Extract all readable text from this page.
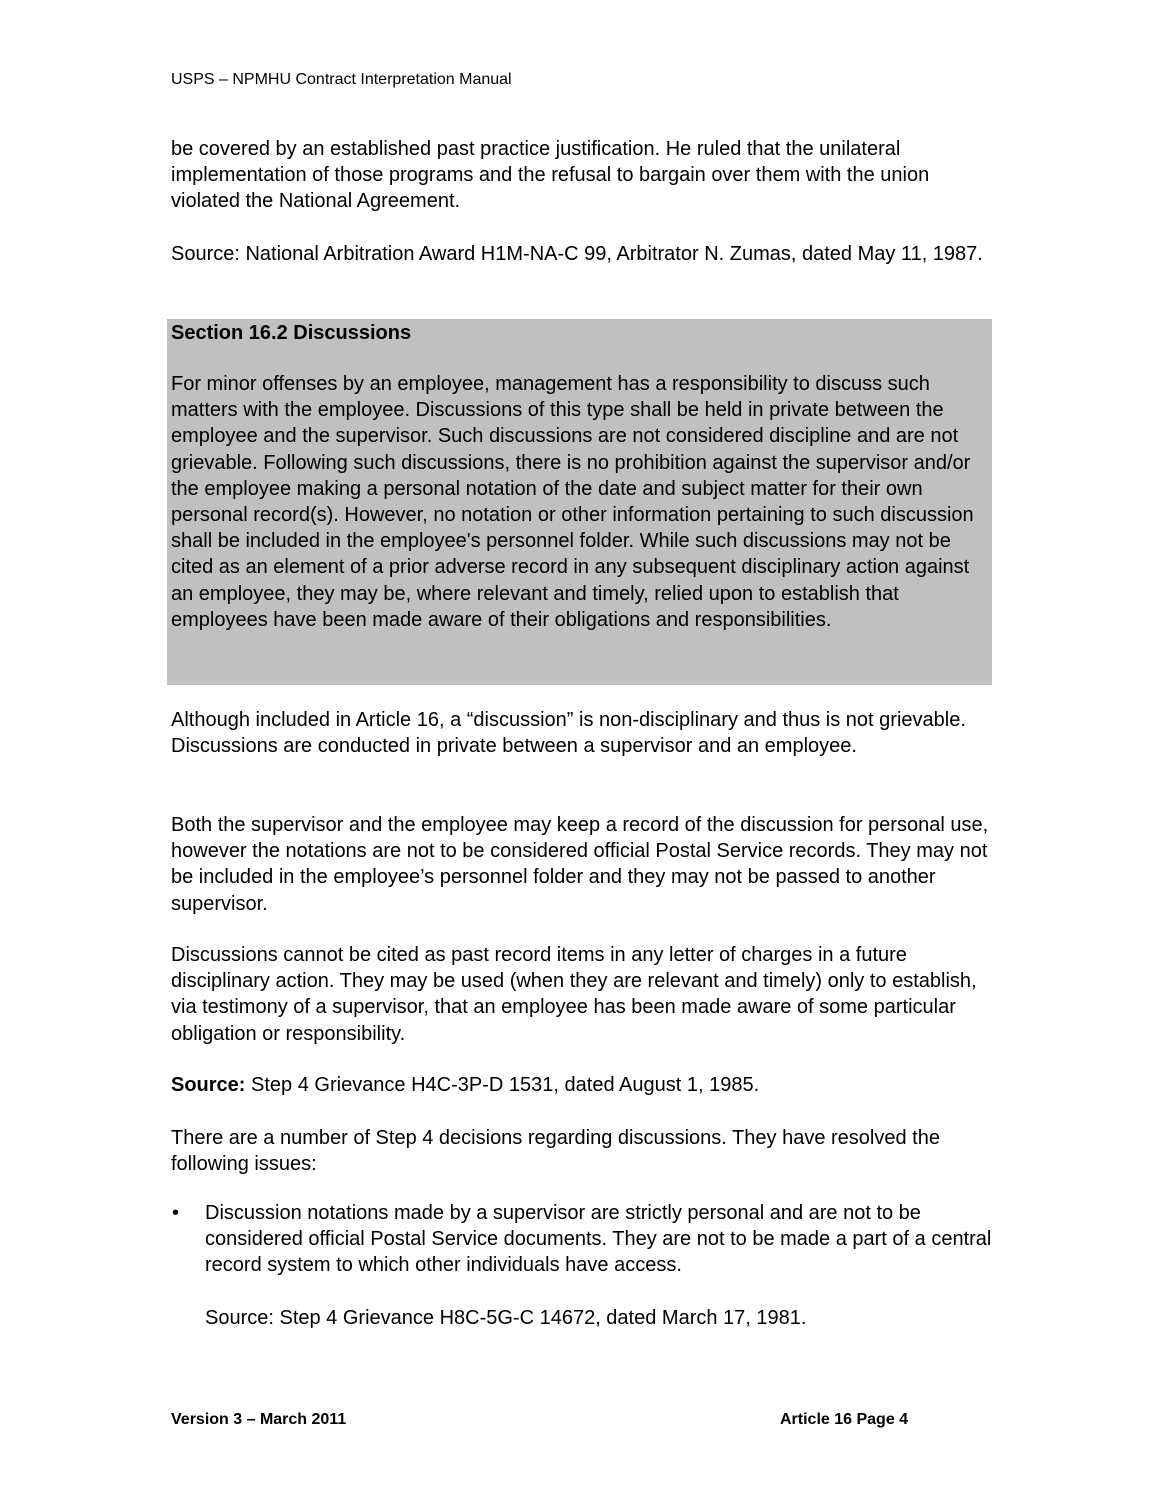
USPS – NPMHU Contract Interpretation Manual

be covered by an established past practice justification. He ruled that the unilateral implementation of those programs and the refusal to bargain over them with the union violated the National Agreement.

Source: National Arbitration Award H1M-NA-C 99, Arbitrator N. Zumas, dated May 11, 1987.

Section 16.2 Discussions

For minor offenses by an employee, management has a responsibility to discuss such matters with the employee. Discussions of this type shall be held in private between the employee and the supervisor. Such discussions are not considered discipline and are not grievable. Following such discussions, there is no prohibition against the supervisor and/or the employee making a personal notation of the date and subject matter for their own personal record(s). However, no notation or other information pertaining to such discussion shall be included in the employee's personnel folder. While such discussions may not be cited as an element of a prior adverse record in any subsequent disciplinary action against an employee, they may be, where relevant and timely, relied upon to establish that employees have been made aware of their obligations and responsibilities.

Although included in Article 16, a “discussion” is non-disciplinary and thus is not grievable. Discussions are conducted in private between a supervisor and an employee.

Both the supervisor and the employee may keep a record of the discussion for personal use, however the notations are not to be considered official Postal Service records. They may not be included in the employee’s personnel folder and they may not be passed to another supervisor.

Discussions cannot be cited as past record items in any letter of charges in a future disciplinary action. They may be used (when they are relevant and timely) only to establish, via testimony of a supervisor, that an employee has been made aware of some particular obligation or responsibility.

Source: Step 4 Grievance H4C-3P-D 1531, dated August 1, 1985.

There are a number of Step 4 decisions regarding discussions. They have resolved the following issues:

• Discussion notations made by a supervisor are strictly personal and are not to be considered official Postal Service documents. They are not to be made a part of a central record system to which other individuals have access.

Source: Step 4 Grievance H8C-5G-C 14672, dated March 17, 1981.
Version 3 – March 2011	Article 16 Page 4
